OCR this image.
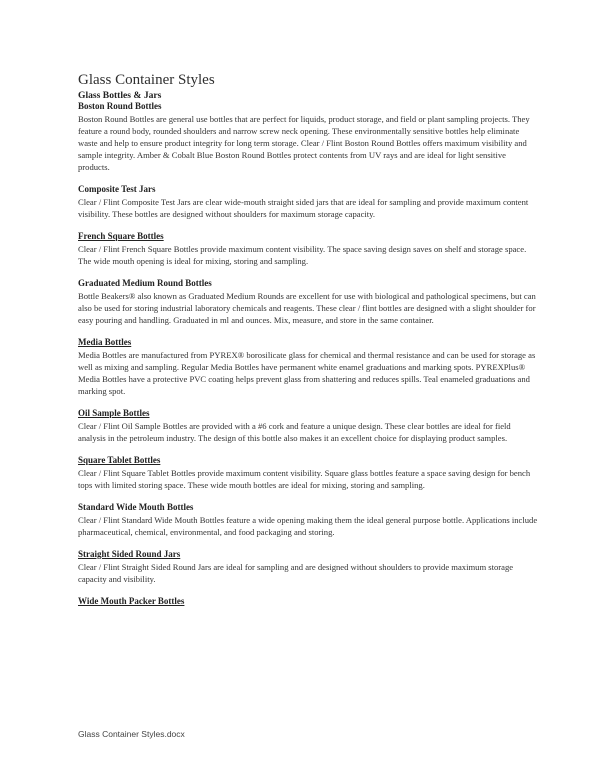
Glass Container Styles
Glass Bottles & Jars
Boston Round Bottles

Boston Round Bottles are general use bottles that are perfect for liquids, product storage, and field or plant sampling projects. They feature a round body, rounded shoulders and narrow screw neck opening. These environmentally sensitive bottles help eliminate waste and help to ensure product integrity for long term storage. Clear / Flint Boston Round Bottles offers maximum visibility and sample integrity. Amber & Cobalt Blue Boston Round Bottles protect contents from UV rays and are ideal for light sensitive products.

Composite Test Jars

Clear / Flint Composite Test Jars are clear wide-mouth straight sided jars that are ideal for sampling and provide maximum content visibility. These bottles are designed without shoulders for maximum storage capacity.

French Square Bottles

Clear / Flint French Square Bottles provide maximum content visibility. The space saving design saves on shelf and storage space. The wide mouth opening is ideal for mixing, storing and sampling.

Graduated Medium Round Bottles

Bottle Beakers® also known as Graduated Medium Rounds are excellent for use with biological and pathological specimens, but can also be used for storing industrial laboratory chemicals and reagents. These clear / flint bottles are designed with a slight shoulder for easy pouring and handling. Graduated in ml and ounces. Mix, measure, and store in the same container.

Media Bottles

Media Bottles are manufactured from PYREX® borosilicate glass for chemical and thermal resistance and can be used for storage as well as mixing and sampling. Regular Media Bottles have permanent white enamel graduations and marking spots. PYREXPlus® Media Bottles have a protective PVC coating helps prevent glass from shattering and reduces spills. Teal enameled graduations and marking spot.

Oil Sample Bottles

Clear / Flint Oil Sample Bottles are provided with a #6 cork and feature a unique design. These clear bottles are ideal for field analysis in the petroleum industry. The design of this bottle also makes it an excellent choice for displaying product samples.

Square Tablet Bottles

Clear / Flint Square Tablet Bottles provide maximum content visibility. Square glass bottles feature a space saving design for bench tops with limited storing space. These wide mouth bottles are ideal for mixing, storing and sampling.

Standard Wide Mouth Bottles

Clear / Flint Standard Wide Mouth Bottles feature a wide opening making them the ideal general purpose bottle. Applications include pharmaceutical, chemical, environmental, and food packaging and storing.

Straight Sided Round Jars

Clear / Flint Straight Sided Round Jars are ideal for sampling and are designed without shoulders to provide maximum storage capacity and visibility.

Wide Mouth Packer Bottles
Glass Container Styles.docx
